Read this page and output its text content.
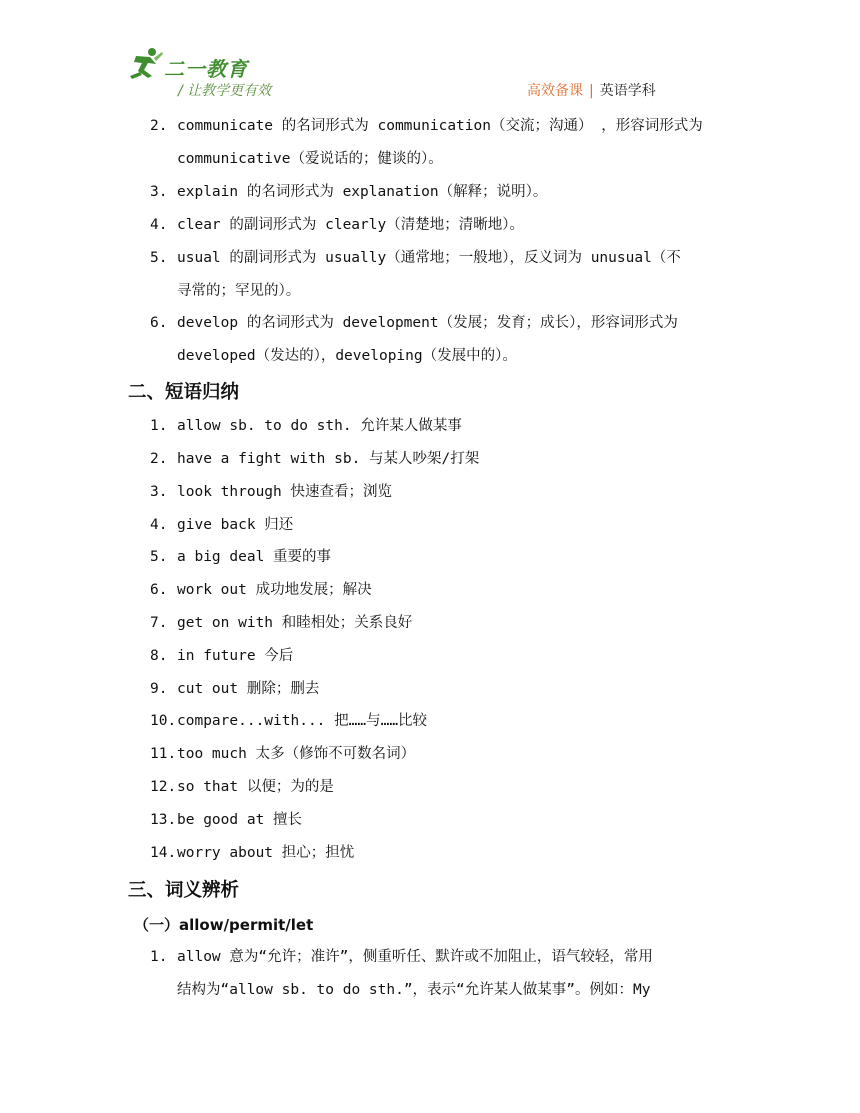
二一教育
/ 让教学更有效	高效备课 | 英语学科
2. communicate 的名词形式为 communication（交流；沟通） ，形容词形式为
communicative（爱说话的；健谈的）。
3. explain 的名词形式为 explanation（解释；说明）。
4. clear 的副词形式为 clearly（清楚地；清晰地）。
5. usual 的副词形式为 usually（通常地；一般地），反义词为 unusual（不
寻常的；罕见的）。
6. develop 的名词形式为 development（发展；发育；成长），形容词形式为
developed（发达的），developing（发展中的）。
二、短语归纳
1. allow sb. to do sth. 允许某人做某事
2. have a fight with sb. 与某人吵架/打架
3. look through 快速查看；浏览
4. give back 归还
5. a big deal 重要的事
6. work out 成功地发展；解决
7. get on with 和睦相处；关系良好
8. in future 今后
9. cut out 删除；删去
10. compare...with... 把……与……比较
11. too much 太多（修饰不可数名词）
12. so that 以便；为的是
13. be good at 擅长
14. worry about 担心；担忧
三、词义辨析
（一）allow/permit/let
1. allow 意为“允许；准许”，侧重听任、默许或不加阻止，语气较轻，常用
结构为“allow sb. to do sth.”，表示“允许某人做某事”。例如：My
